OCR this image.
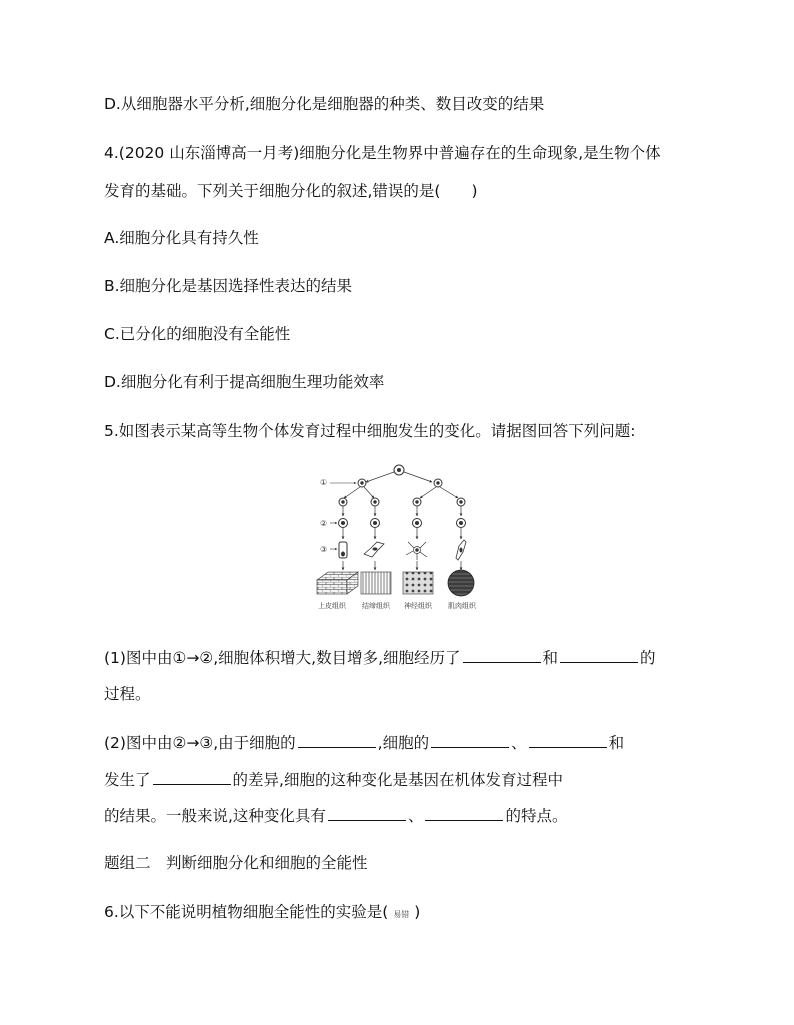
D.从细胞器水平分析,细胞分化是细胞器的种类、数目改变的结果
4.(2020 山东淄博高一月考)细胞分化是生物界中普遍存在的生命现象,是生物个体
发育的基础。下列关于细胞分化的叙述,错误的是(　　)
A.细胞分化具有持久性
B.细胞分化是基因选择性表达的结果
C.已分化的细胞没有全能性
D.细胞分化有利于提高细胞生理功能效率
5.如图表示某高等生物个体发育过程中细胞发生的变化。请据图回答下列问题:
①
②
③
上皮组织 结缔组织 神经组织 肌肉组织
(1)图中由①→②,细胞体积增大,数目增多,细胞经历了	和	的
过程。
(2)图中由②→③,由于细胞的	,细胞的	、	和
发生了	的差异,细胞的这种变化是基因在机体发育过程中
的结果。一般来说,这种变化具有	、	的特点。
题组二　判断细胞分化和细胞的全能性
6.以下不能说明植物细胞全能性的实验是( 易错 )
